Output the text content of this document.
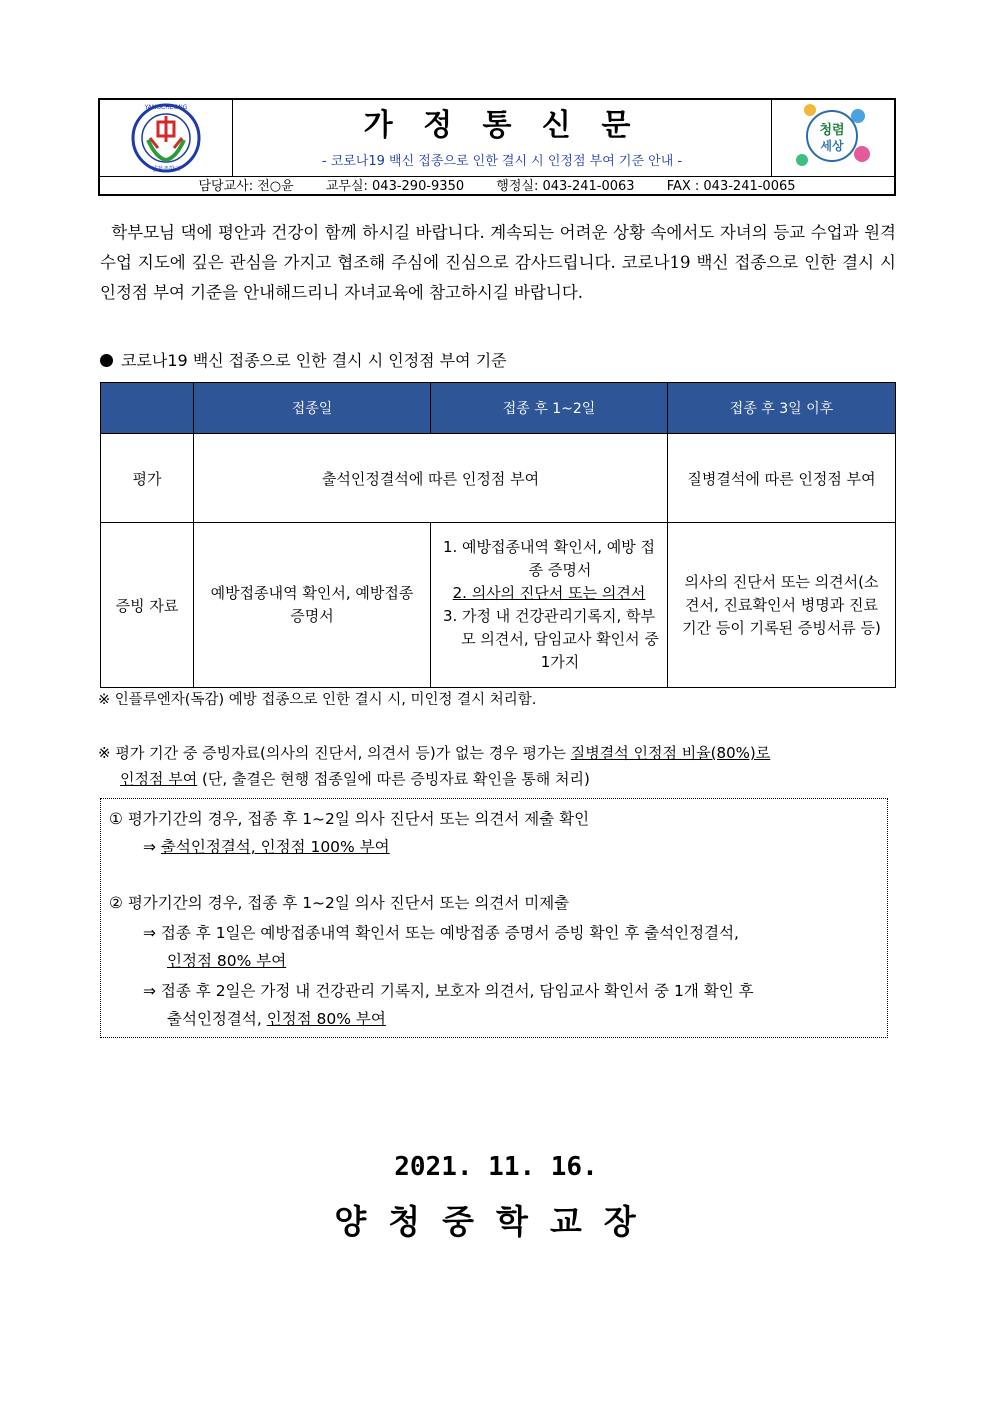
YANGCHEONG
양청중학교
가 정 통 신 문
- 코로나19 백신 접종으로 인한 결시 시 인정점 부여 기준 안내 -
청렴
세상
담당교사: 전○윤 교무실: 043-290-9350 행정실: 043-241-0063 FAX : 043-241-0065
학부모님 댁에 평안과 건강이 함께 하시길 바랍니다. 계속되는 어려운 상황 속에서도 자녀의 등교 수업과 원격수업 지도에 깊은 관심을 가지고 협조해 주심에 진심으로 감사드립니다. 코로나19 백신 접종으로 인한 결시 시 인정점 부여 기준을 안내해드리니 자녀교육에 참고하시길 바랍니다.
코로나19 백신 접종으로 인한 결시 시 인정점 부여 기준
	접종일	접종 후 1~2일	접종 후 3일 이후
평가	출석인정결석에 따른 인정점 부여		질병결석에 따른 인정점 부여
증빙 자료	예방접종내역 확인서, 예방접종 증명서	1. 예방접종내역 확인서, 예방 접종 증명서
2. 의사의 진단서 또는 의견서
3. 가정 내 건강관리기록지, 학부모 의견서, 담임교사 확인서 중 1가지	의사의 진단서 또는 의견서(소견서, 진료확인서 병명과 진료기간 등이 기록된 증빙서류 등)
※ 인플루엔자(독감) 예방 접종으로 인한 결시 시, 미인정 결시 처리함.
※ 평가 기간 중 증빙자료(의사의 진단서, 의견서 등)가 없는 경우 평가는 질병결석 인정점 비율(80%)로
인정점 부여 (단, 출결은 현행 접종일에 따른 증빙자료 확인을 통해 처리)
① 평가기간의 경우, 접종 후 1~2일 의사 진단서 또는 의견서 제출 확인
⇒ 출석인정결석, 인정점 100% 부여
② 평가기간의 경우, 접종 후 1~2일 의사 진단서 또는 의견서 미제출
⇒ 접종 후 1일은 예방접종내역 확인서 또는 예방접종 증명서 증빙 확인 후 출석인정결석,
인정점 80% 부여
⇒ 접종 후 2일은 가정 내 건강관리 기록지, 보호자 의견서, 담임교사 확인서 중 1개 확인 후
출석인정결석, 인정점 80% 부여
2021. 11. 16.
양청중학교장
